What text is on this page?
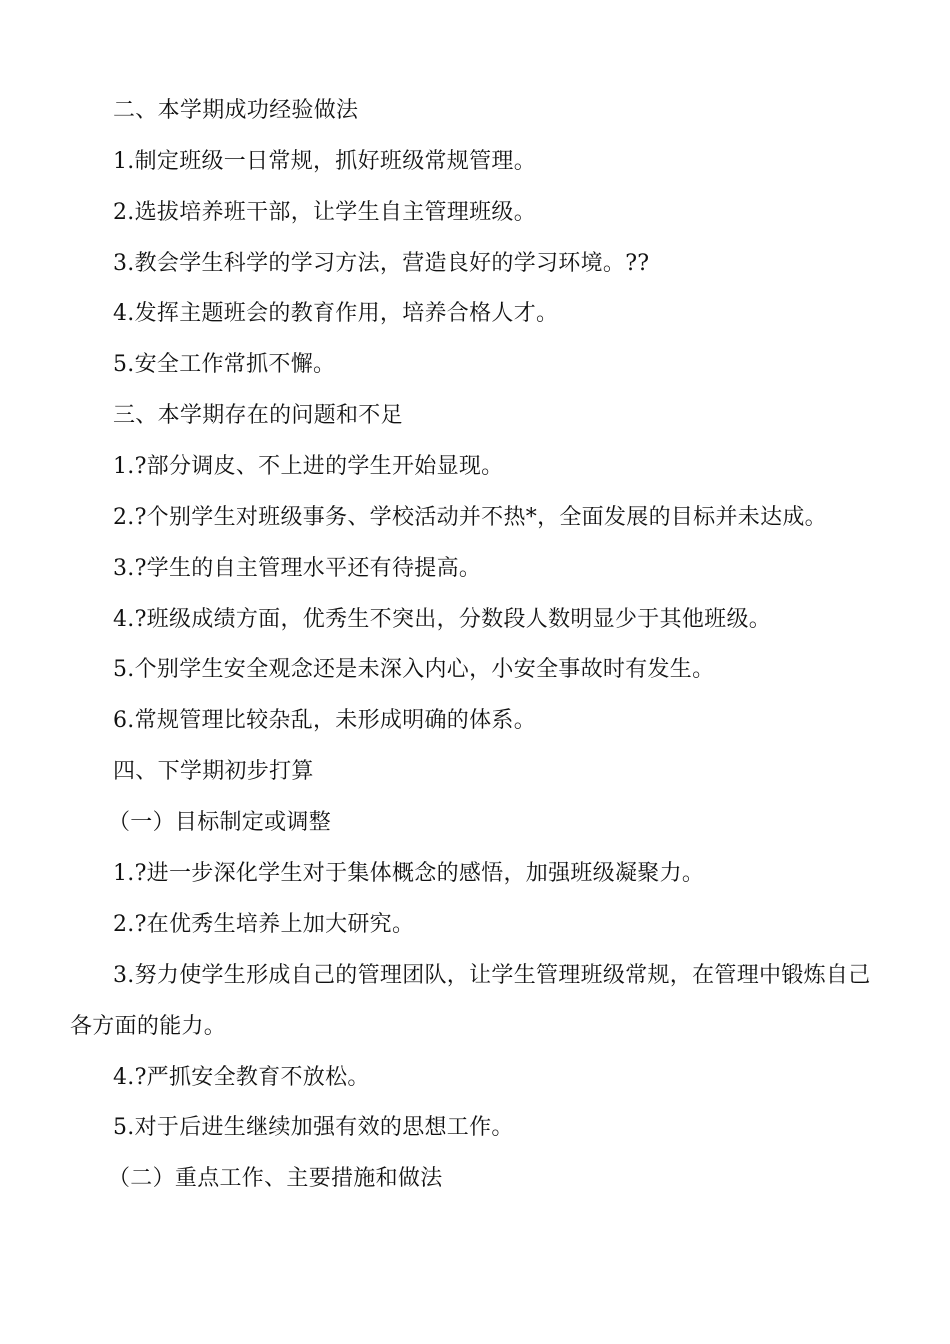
二、本学期成功经验做法

1.制定班级一日常规，抓好班级常规管理。

2.选拔培养班干部，让学生自主管理班级。

3.教会学生科学的学习方法，营造良好的学习环境。??

4.发挥主题班会的教育作用，培养合格人才。

5.安全工作常抓不懈。

三、本学期存在的问题和不足

1.?部分调皮、不上进的学生开始显现。

2.?个别学生对班级事务、学校活动并不热*，全面发展的目标并未达成。

3.?学生的自主管理水平还有待提高。

4.?班级成绩方面，优秀生不突出，分数段人数明显少于其他班级。

5.个别学生安全观念还是未深入内心，小安全事故时有发生。

6.常规管理比较杂乱，未形成明确的体系。

四、下学期初步打算

（一）目标制定或调整

1.?进一步深化学生对于集体概念的感悟，加强班级凝聚力。

2.?在优秀生培养上加大研究。

3.努力使学生形成自己的管理团队，让学生管理班级常规，在管理中锻炼自己各方面的能力。

4.?严抓安全教育不放松。

5.对于后进生继续加强有效的思想工作。

（二）重点工作、主要措施和做法
